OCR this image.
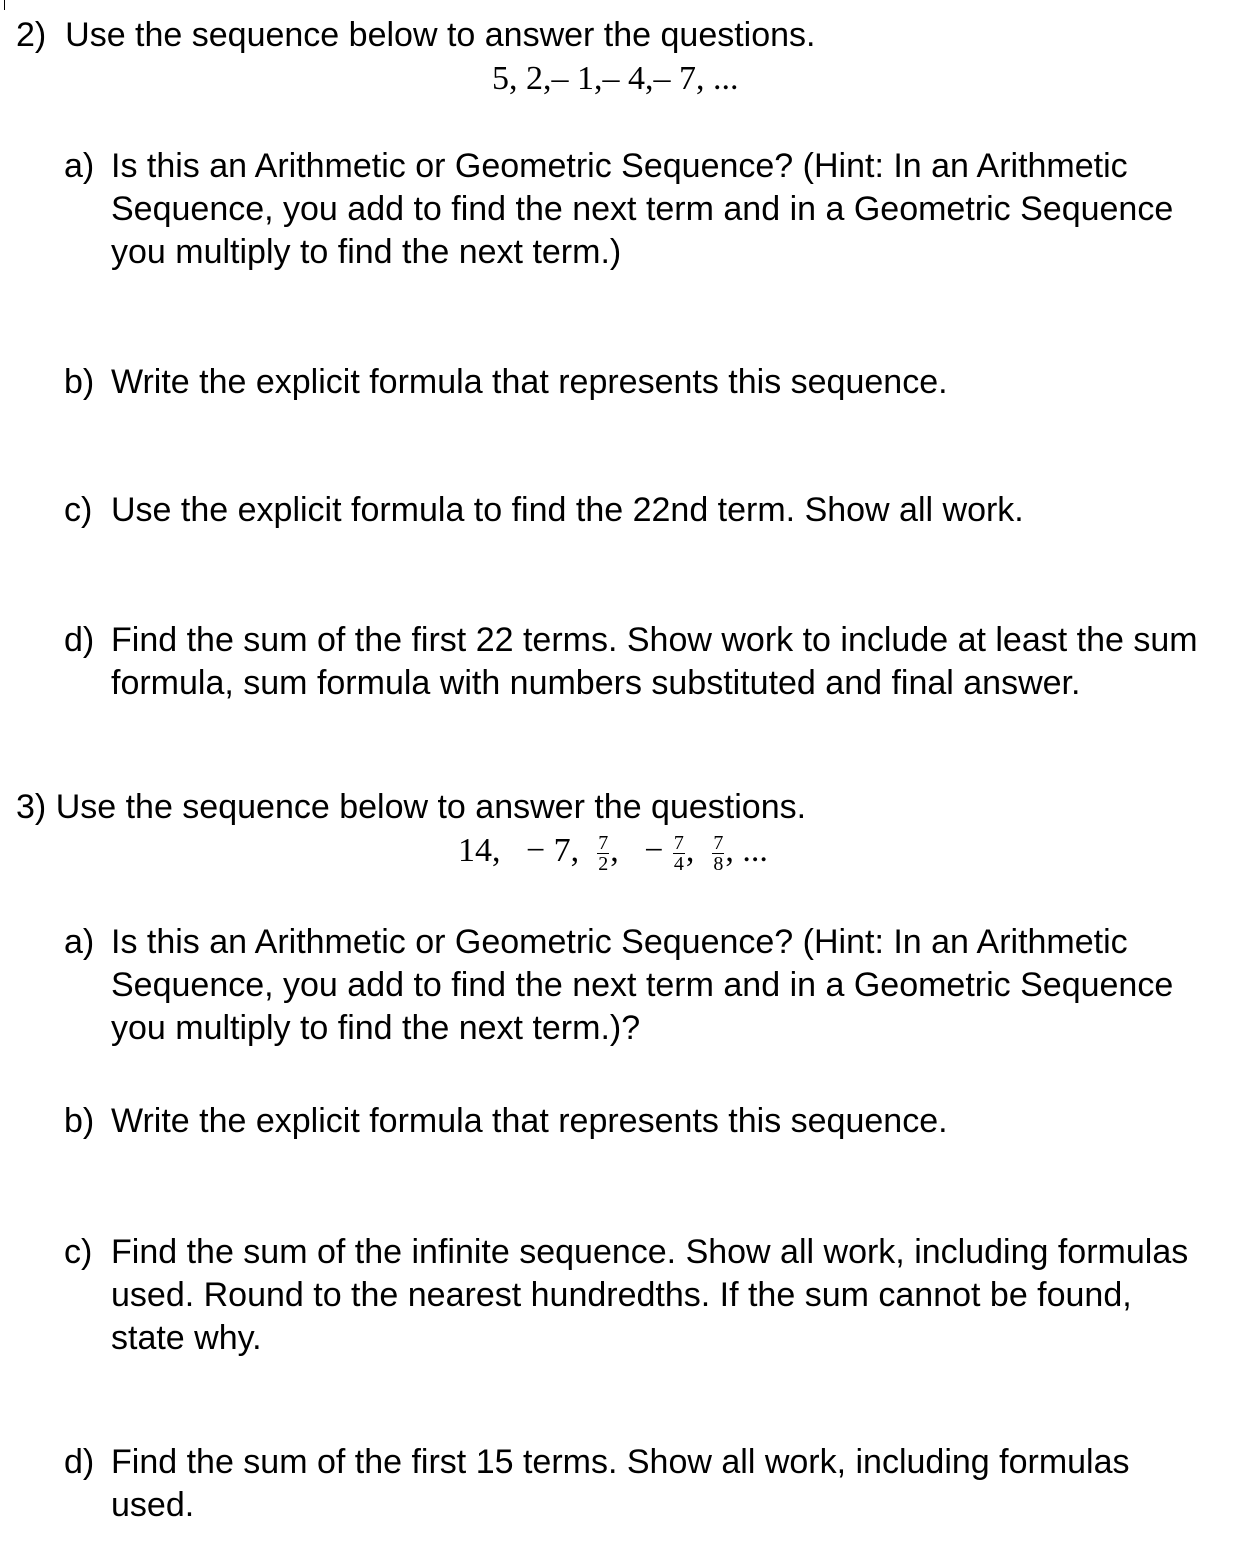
2) Use the sequence below to answer the questions.
5, 2,– 1,– 4,– 7, ...
a) Is this an Arithmetic or Geometric Sequence? (Hint: In an Arithmetic Sequence, you add to find the next term and in a Geometric Sequence you multiply to find the next term.)
b) Write the explicit formula that represents this sequence.
c) Use the explicit formula to find the 22nd term. Show all work.
d) Find the sum of the first 22 terms. Show work to include at least the sum formula, sum formula with numbers substituted and final answer.
3) Use the sequence below to answer the questions.
14, − 7, $\frac{7}{2}$ , − $\frac{7}{4}$ , $\frac{7}{8}$ , ...
a) Is this an Arithmetic or Geometric Sequence? (Hint: In an Arithmetic Sequence, you add to find the next term and in a Geometric Sequence you multiply to find the next term.)?
b) Write the explicit formula that represents this sequence.
c) Find the sum of the infinite sequence. Show all work, including formulas used. Round to the nearest hundredths. If the sum cannot be found, state why.
d) Find the sum of the first 15 terms. Show all work, including formulas used.
